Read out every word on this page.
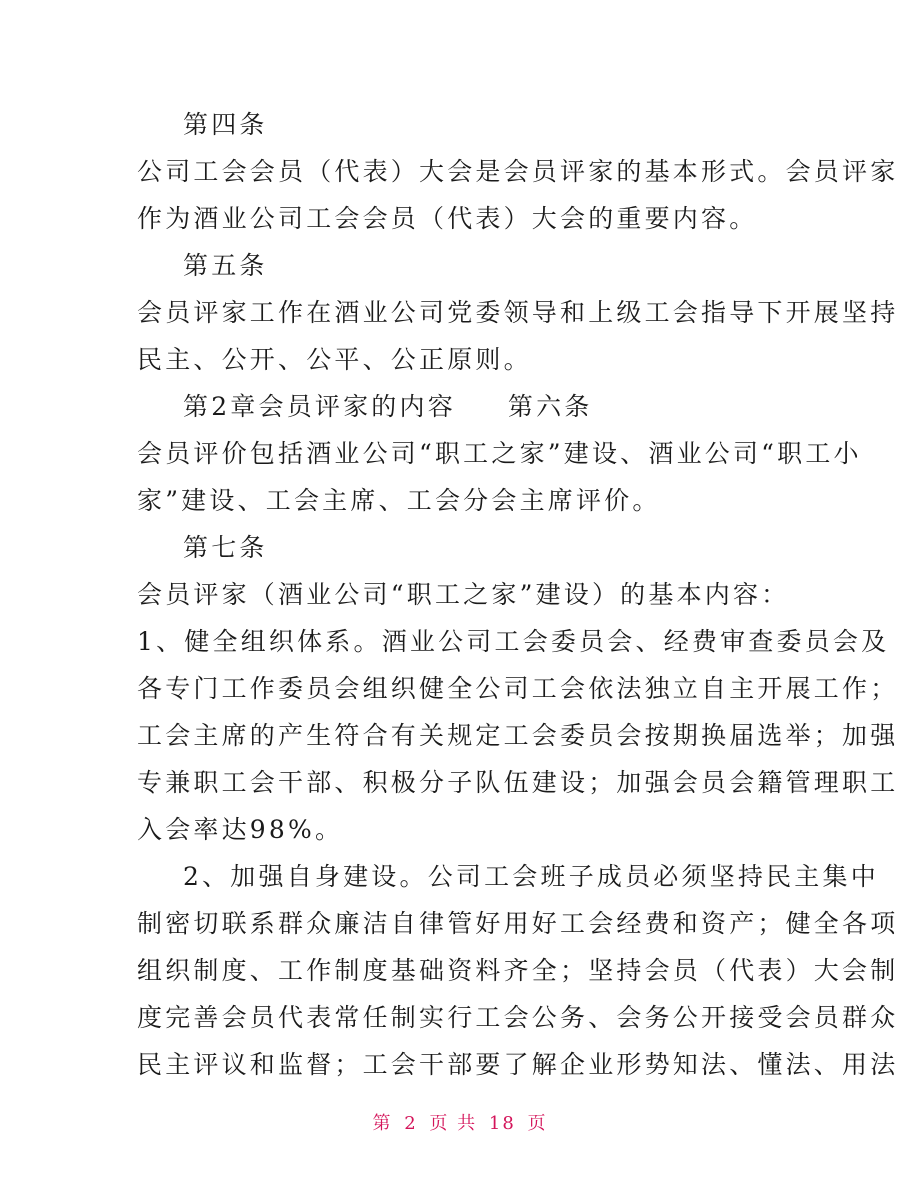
第四条
公司工会会员（代表）大会是会员评家的基本形式。会员评家
作为酒业公司工会会员（代表）大会的重要内容。
第五条
会员评家工作在酒业公司党委领导和上级工会指导下开展坚持
民主、公开、公平、公正原则。
第2章会员评家的内容 第六条
会员评价包括酒业公司“职工之家”建设、酒业公司“职工小
家”建设、工会主席、工会分会主席评价。
第七条
会员评家（酒业公司“职工之家”建设）的基本内容：
1、健全组织体系。酒业公司工会委员会、经费审查委员会及
各专门工作委员会组织健全公司工会依法独立自主开展工作；
工会主席的产生符合有关规定工会委员会按期换届选举；加强
专兼职工会干部、积极分子队伍建设；加强会员会籍管理职工
入会率达98%。
2、加强自身建设。公司工会班子成员必须坚持民主集中
制密切联系群众廉洁自律管好用好工会经费和资产；健全各项
组织制度、工作制度基础资料齐全；坚持会员（代表）大会制
度完善会员代表常任制实行工会公务、会务公开接受会员群众
民主评议和监督；工会干部要了解企业形势知法、懂法、用法
第 2 页 共 18 页
